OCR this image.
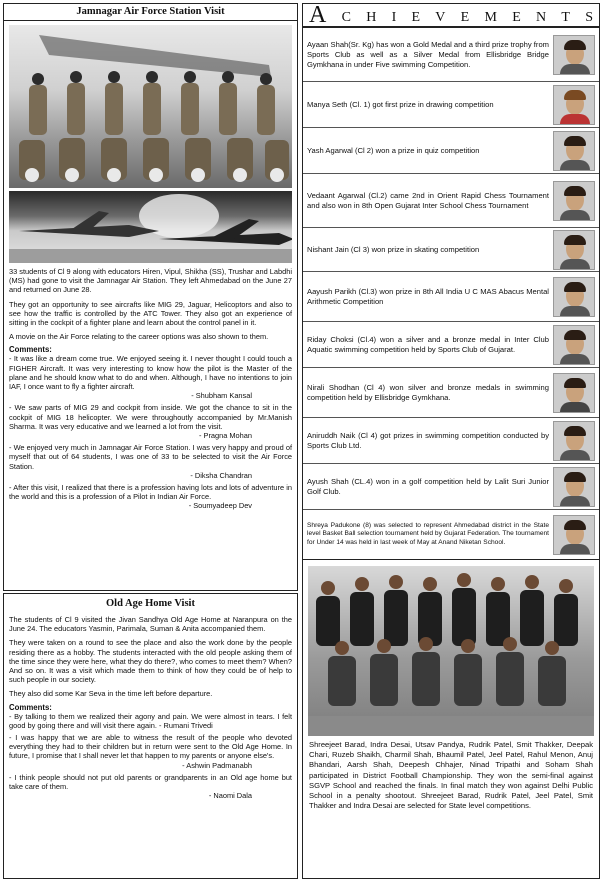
Jamnagar Air Force Station Visit
33 students of Cl 9 along with educators Hiren, Vipul, Shikha (SS), Trushar and Labdhi (MS) had gone to visit the Jamnagar Air Station. They left Ahmedabad on the June 27 and returned on June 28.
They got an opportunity to see aircrafts like MIG 29, Jaguar, Helicoptors and also to see how the traffic is controlled by the ATC Tower. They also got an experience of sitting in the cockpit of a fighter plane and learn about the control panel in it.
A movie on the Air Force relating to the career options was also shown to them.
Comments:
- It was like a dream come true. We enjoyed seeing it. I never thought I could touch a FIGHER Aircraft. It was very interesting to know how the pilot is the Master of the plane and he should know what to do and when. Although, I have no intentions to join IAF, I once want to fly a fighter aircraft.
- Shubham Kansal
- We saw parts of MIG 29 and cockpit from inside. We got the chance to sit in the cockpit of MIG 18 helicopter. We were throughoutly accompanied by Mr.Manish Sharma. It was very educative and we learned a lot from the visit.
- Pragna Mohan
- We enjoyed very much in Jamnagar Air Force Station. I was very happy and proud of myself that out of 64 students, I was one of 33 to be selected to visit the Air Force Station.
- Diksha Chandran
- After this visit, I realized that there is a profession having lots and lots of adventure in the world and this is a profession of a Pilot in Indian Air Force.
- Soumyadeep Dev
Old Age Home Visit
The students of Cl 9 visited the Jivan Sandhya Old Age Home at Naranpura on the June 24. The educators Yasmin, Parimala, Suman & Anita accompanied them.
They were taken on a round to see the place and also the work done by the people residing there as a hobby. The students interacted with the old people asking them of the time since they were here, what they do there?, who comes to meet them? When? And so on. It was a visit which made them to think of how they could be of help to such people in our society.
They also did some Kar Seva in the time left before departure.
Comments:
- By talking to them we realized their agony and pain. We were almost in tears. I felt good by going there and will visit there again. - Rumani Trivedi
- I was happy that we are able to witness the result of the people who devoted everything they had to their children but in return were sent to the Old Age Home. In future, I promise that I shall never let that happen to my parents or anyone else's.
- Ashwin Padmanabh
- I think people should not put old parents or grandparents in an Old age home but take care of them.
- Naomi Dala
A C H I E V E M E N T S
Ayaan Shah(Sr. Kg) has won a Gold Medal and a third prize trophy from Sports Club as well as a Silver Medal from Ellisbridge Bridge Gymkhana in under Five swimming Competition.
Manya Seth (Cl. 1) got first prize in drawing competition
Yash Agarwal (Cl 2) won a prize in quiz competition
Vedaant Agarwal (Cl.2) came 2nd in Orient Rapid Chess Tournament and also won in 8th Open Gujarat Inter School Chess Tournament
Nishant Jain (Cl 3) won prize in skating competition
Aayush Parikh (Cl.3) won prize in 8th All India U C MAS Abacus Mental Arithmetic Competition
Riday Choksi (Cl.4) won a silver and a bronze medal in Inter Club Aquatic swimming competition held by Sports Club of Gujarat.
Nirali Shodhan (Cl 4) won silver and bronze medals in swimming competition held by Ellisbridge Gymkhana.
Aniruddh Naik (Cl 4) got prizes in swimming competition conducted by Sports Club Ltd.
Ayush Shah (CL.4) won in a golf competition held by Lalit Suri Junior Golf Club.
Shreya Padukone (8) was selected to represent Ahmedabad district in the State level Basket Ball selection tournament held by Gujarat Federation. The tournament for Under 14 was held in last week of May at Anand Niketan School.
Shreejeet Barad, Indra Desai, Utsav Pandya, Rudrik Patel, Smit Thakker, Deepak Chari, Ruzeb Shaikh, Charmil Shah, Bhaumil Patel, Jeel Patel, Rahul Menon, Anuj Bhandari, Aarsh Shah, Deepesh Chhajer, Ninad Tripathi and Soham Shah participated in District Football Championship. They won the semi-final against SGVP School and reached the finals. In final match they won against Delhi Public School in a penalty shootout. Shreejeet Barad, Rudrik Patel, Jeel Patel, Smit Thakker and Indra Desai are selected for State level competitions.
